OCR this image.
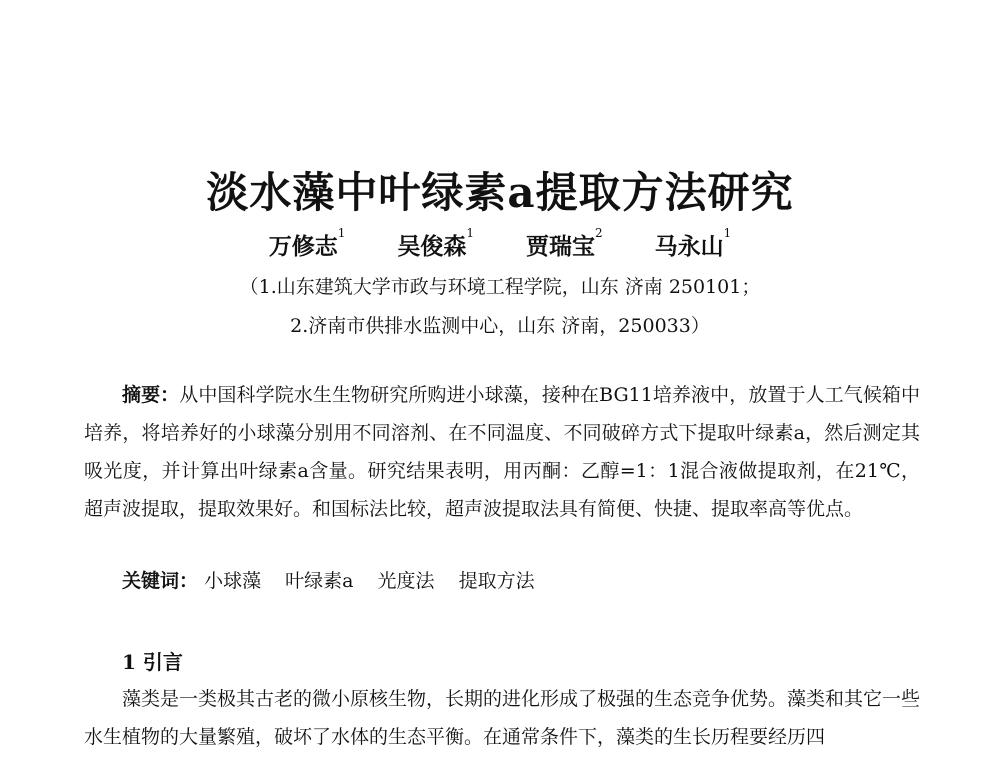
淡水藻中叶绿素a提取方法研究
万修志$^1$ 吴俊森$^1$ 贾瑞宝$^2$ 马永山$^1$
（1.山东建筑大学市政与环境工程学院，山东 济南 250101；
2.济南市供排水监测中心，山东 济南，250033）

摘要：从中国科学院水生生物研究所购进小球藻，接种在BG11培养液中，放置于人工气候箱中培养，将培养好的小球藻分别用不同溶剂、在不同温度、不同破碎方式下提取叶绿素a，然后测定其吸光度，并计算出叶绿素a含量。研究结果表明，用丙酮：乙醇=1：1混合液做提取剂，在21℃，超声波提取，提取效果好。和国标法比较，超声波提取法具有简便、快捷、提取率高等优点。

关键词： 小球藻 叶绿素a 光度法 提取方法
1 引言

藻类是一类极其古老的微小原核生物，长期的进化形成了极强的生态竞争优势。藻类和其它一些水生植物的大量繁殖，破坏了水体的生态平衡。在通常条件下，藻类的生长历程要经历四
